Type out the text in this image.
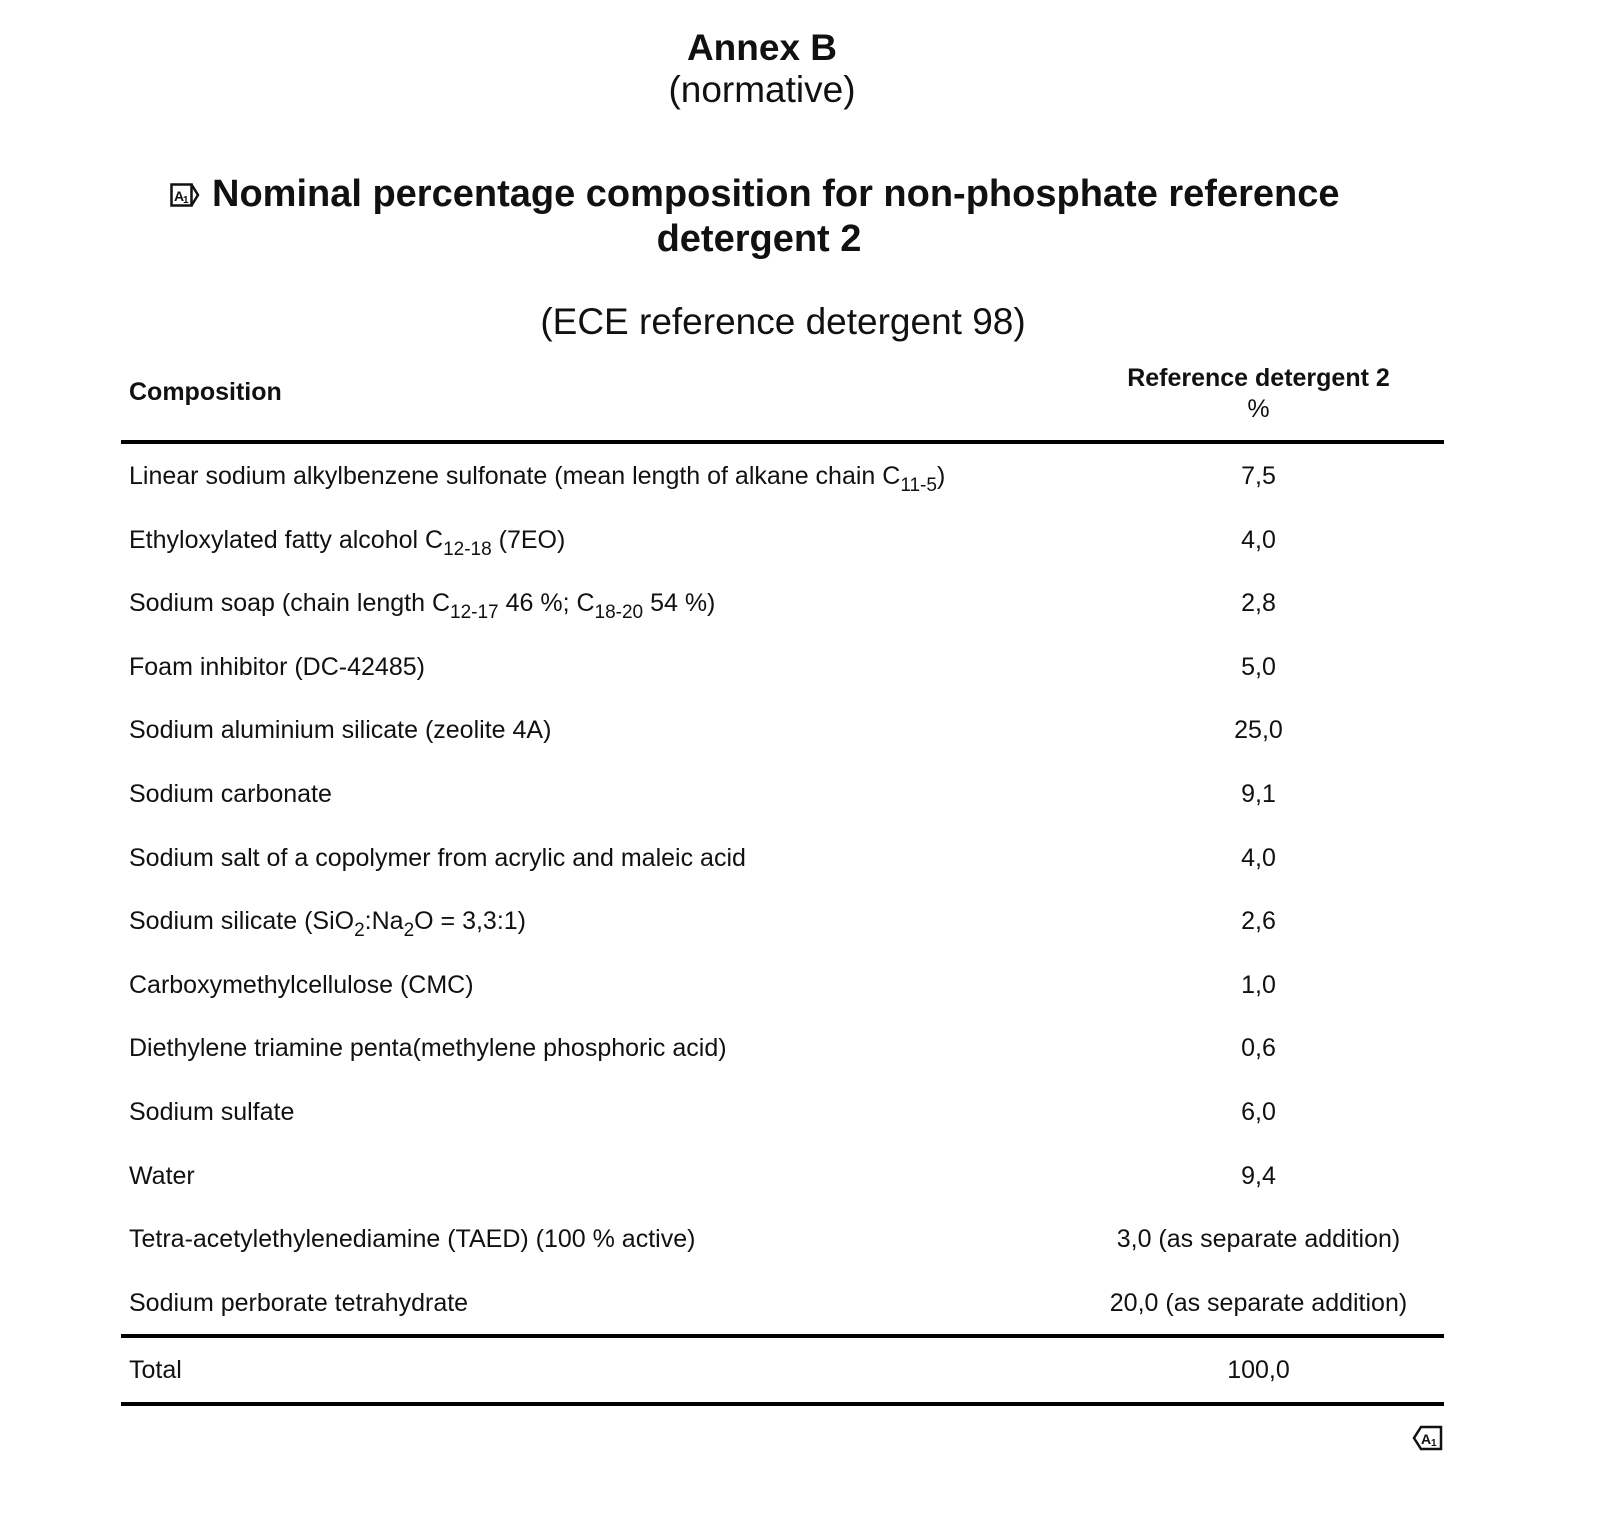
Annex B
(normative)
A
1 Nominal percentage composition for non-phosphate reference
detergent 2
(ECE reference detergent 98)
Composition	Reference detergent 2
%
Linear sodium alkylbenzene sulfonate (mean length of alkane chain $C_{11-5}$)	7,5
Ethyloxylated fatty alcohol $C_{12-18}$ (7EO)	4,0
Sodium soap (chain length $C_{12-17}$ 46 %; $C_{18-20}$ 54 %)	2,8
Foam inhibitor (DC-42485)	5,0
Sodium aluminium silicate (zeolite 4A)	25,0
Sodium carbonate	9,1
Sodium salt of a copolymer from acrylic and maleic acid	4,0
Sodium silicate ($SiO_2:Na_2O$ = 3,3:1)	2,6
Carboxymethylcellulose (CMC)	1,0
Diethylene triamine penta(methylene phosphoric acid)	0,6
Sodium sulfate	6,0
Water	9,4
Tetra-acetylethylenediamine (TAED) (100 % active)	3,0 (as separate addition)
Sodium perborate tetrahydrate	20,0 (as separate addition)
Total	100,0
A 1
